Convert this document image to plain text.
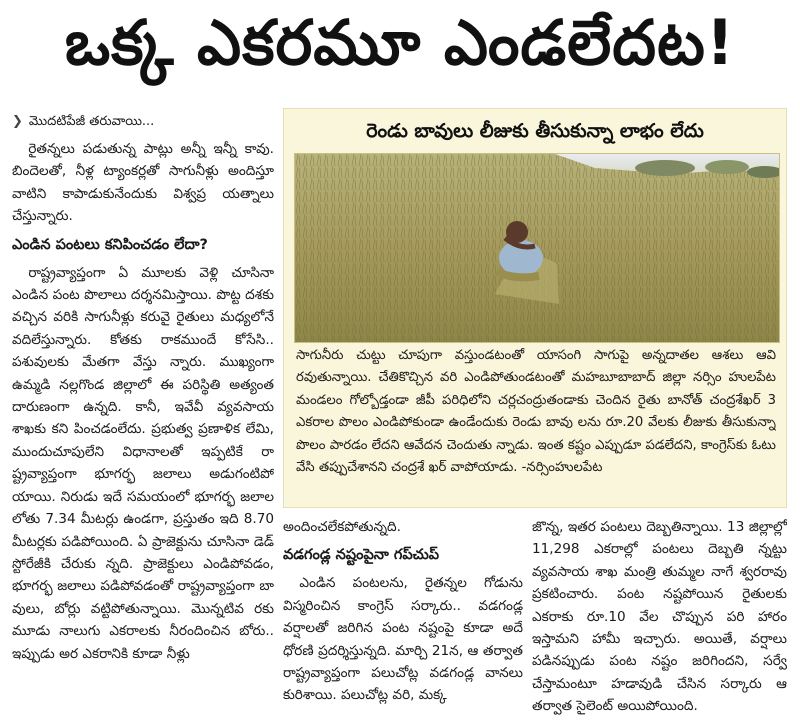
ఒక్క ఎకరమూ ఎండలేదట!
❯ మొదటిపేజీ తరువాయి...

రైతన్నలు పడుతున్న పాట్లు అన్నీ ఇన్నీ కావు. బిందెలతో, నీళ్ల ట్యాంకర్లతో సాగునీళ్లు అందిస్తూ వాటిని కాపాడుకునేందుకు విశ్వప్ర యత్నాలు చేస్తున్నారు.

ఎండిన పంటలు కనిపించడం లేదా?

రాష్ట్రవ్యాప్తంగా ఏ మూలకు వెళ్లి చూసినా ఎండిన పంట పొలాలు దర్శనమిస్తాయి. పొట్ట దశకు వచ్చిన వరికి సాగునీళ్లు కరువై రైతులు మధ్యలోనే వదిలేస్తున్నారు. కోతకు రాకముందే కోసేసి.. పశువులకు మేతగా వేస్తు న్నారు. ముఖ్యంగా ఉమ్మడి నల్లగొండ జిల్లాలో ఈ పరిస్థితి అత్యంత దారుణంగా ఉన్నది. కానీ, ఇవేవీ వ్యవసాయ శాఖకు కని పించడంలేదు. ప్రభుత్వ ప్రణాళిక లేమి, ముందుచూపులేని విధానాలతో ఇప్పటికే రా ష్ట్రవ్యాప్తంగా భూగర్భ జలాలు అడుగంటిపో యాయి. నిరుడు ఇదే సమయంలో భూగర్భ జలాల లోతు 7.34 మీటర్లు ఉండగా, ప్రస్తుతం ఇది 8.70 మీటర్లకు పడిపోయింది. ఏ ప్రాజెక్టును చూసినా డెడ్ స్టోరేజీకి చేరుకు న్నది. ప్రాజెక్టులు ఎండిపోవడం, భూగర్భ జలాలు పడిపోవడంతో రాష్ట్రవ్యాప్తంగా బా వులు, బోర్లు వట్టిపోతున్నాయి. మొన్నటివ రకు మూడు నాలుగు ఎకరాలకు నీరందించిన బోరు.. ఇప్పుడు అర ఎకరానికి కూడా నీళ్లు

రెండు బావులు లీజుకు తీసుకున్నా లాభం లేదు
సాగునీరు చుట్టు చూపుగా వస్తుండటంతో యాసంగి సాగుపై అన్నదాతల ఆశలు ఆవి రవుతున్నాయి. చేతికొచ్చిన వరి ఎండిపోతుండటంతో మహబూబాబాద్ జిల్లా నర్సిం హులపేట మండలం గోల్బోడ్తండా జీపీ పరిధిలోని చర్లచంద్రుతండాకు చెందిన రైతు బానోత్ చంద్రశేఖర్ 3 ఎకరాల పొలం ఎండిపోకుండా ఉండేందుకు రెండు బావు లను రూ.20 వేలకు లీజుకు తీసుకున్నా పొలం పారడం లేదని ఆవేదన చెందుతు న్నాడు. ఇంత కష్టం ఎప్పుడూ పడలేదని, కాంగ్రెస్‌కు ఓటు వేసి తప్పుచేశానని చంద్రశే ఖర్ వాపోయాడు. -నర్సింహులపేట

అందించలేకపోతున్నది.

వడగండ్ల నష్టంపైనా గప్‌చుప్

ఎండిన పంటలను, రైతన్నల గోడును విస్మరించిన కాంగ్రెస్ సర్కారు.. వడగండ్ల వర్షాలతో జరిగిన పంట నష్టంపై కూడా అదే ధోరణి ప్రదర్శిస్తున్నది. మార్చి 21న, ఆ తర్వాత రాష్ట్రవ్యాప్తంగా పలుచోట్ల వడగండ్ల వానలు కురిశాయి. పలుచోట్ల వరి, మక్క

జొన్న, ఇతర పంటలు దెబ్బతిన్నాయి. 13 జిల్లాల్లో 11,298 ఎకరాల్లో పంటలు దెబ్బతి న్నట్టు వ్యవసాయ శాఖ మంత్రి తుమ్మల నాగే శ్వరరావు ప్రకటించారు. పంట నష్టపోయిన రైతులకు ఎకరాకు రూ.10 వేల చొప్పున పరి హారం ఇస్తామని హామీ ఇచ్చారు. అయితే, వర్షాలు పడినప్పుడు పంట నష్టం జరిగిందని, సర్వే చేస్తామంటూ హడావుడి చేసిన సర్కారు ఆ తర్వాత సైలెంట్ అయిపోయింది.
